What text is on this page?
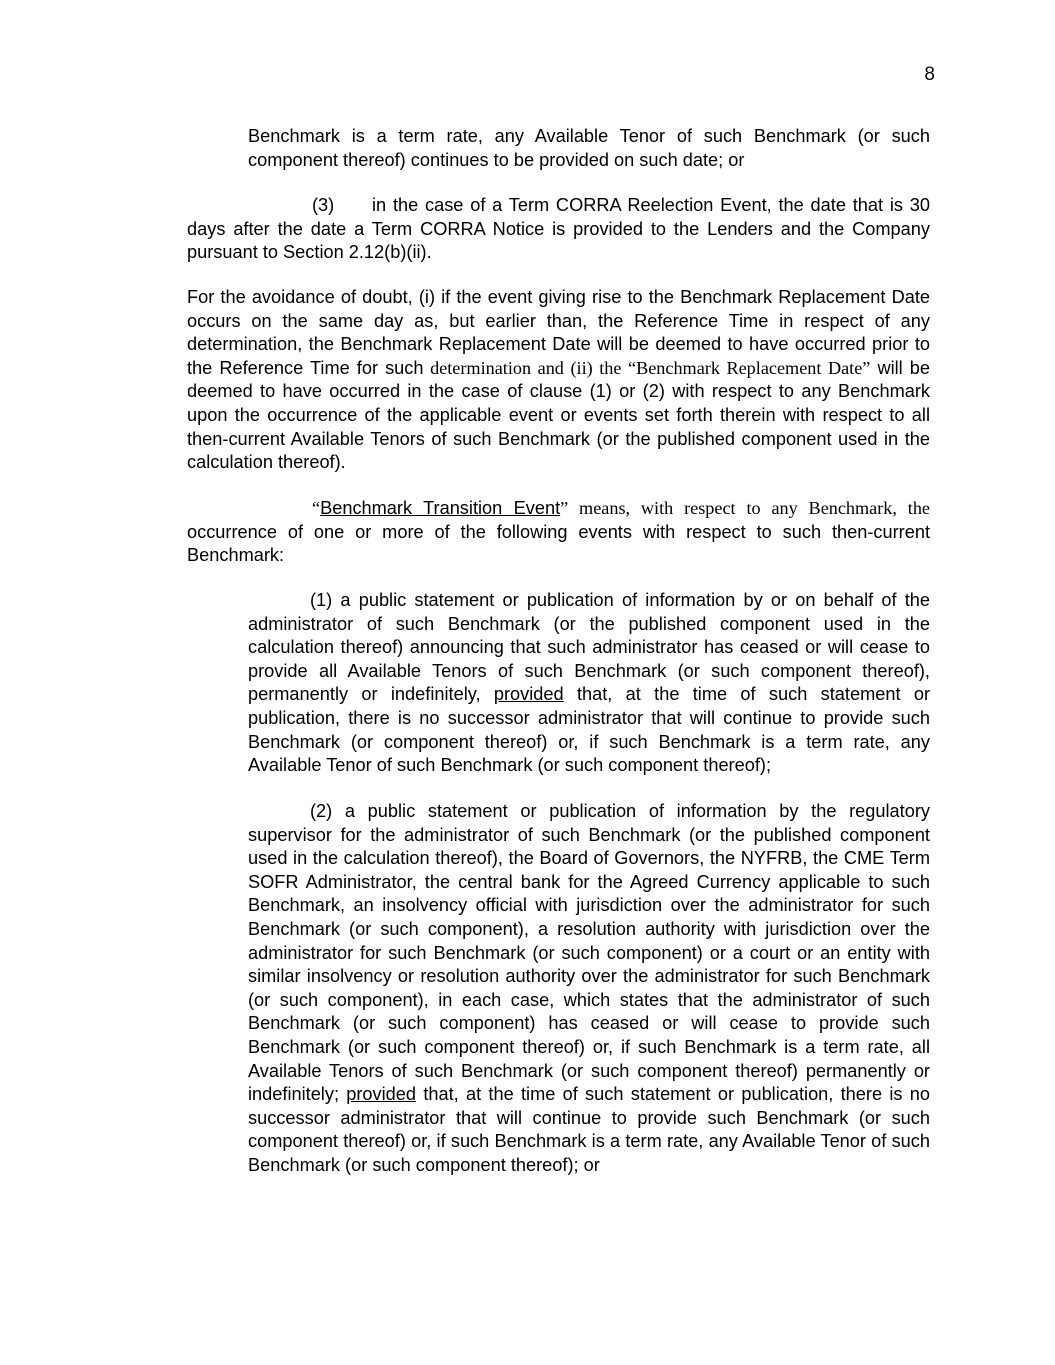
8

Benchmark is a term rate, any Available Tenor of such Benchmark (or such component thereof) continues to be provided on such date; or

(3) in the case of a Term CORRA Reelection Event, the date that is 30 days after the date a Term CORRA Notice is provided to the Lenders and the Company pursuant to Section 2.12(b)(ii).

For the avoidance of doubt, (i) if the event giving rise to the Benchmark Replacement Date occurs on the same day as, but earlier than, the Reference Time in respect of any determination, the Benchmark Replacement Date will be deemed to have occurred prior to the Reference Time for such determination and (ii) the “Benchmark Replacement Date” will be deemed to have occurred in the case of clause (1) or (2) with respect to any Benchmark upon the occurrence of the applicable event or events set forth therein with respect to all then-current Available Tenors of such Benchmark (or the published component used in the calculation thereof).

“Benchmark Transition Event” means, with respect to any Benchmark, the occurrence of one or more of the following events with respect to such then-current Benchmark:

(1) a public statement or publication of information by or on behalf of the administrator of such Benchmark (or the published component used in the calculation thereof) announcing that such administrator has ceased or will cease to provide all Available Tenors of such Benchmark (or such component thereof), permanently or indefinitely, provided that, at the time of such statement or publication, there is no successor administrator that will continue to provide such Benchmark (or component thereof) or, if such Benchmark is a term rate, any Available Tenor of such Benchmark (or such component thereof);

(2) a public statement or publication of information by the regulatory supervisor for the administrator of such Benchmark (or the published component used in the calculation thereof), the Board of Governors, the NYFRB, the CME Term SOFR Administrator, the central bank for the Agreed Currency applicable to such Benchmark, an insolvency official with jurisdiction over the administrator for such Benchmark (or such component), a resolution authority with jurisdiction over the administrator for such Benchmark (or such component) or a court or an entity with similar insolvency or resolution authority over the administrator for such Benchmark (or such component), in each case, which states that the administrator of such Benchmark (or such component) has ceased or will cease to provide such Benchmark (or such component thereof) or, if such Benchmark is a term rate, all Available Tenors of such Benchmark (or such component thereof) permanently or indefinitely; provided that, at the time of such statement or publication, there is no successor administrator that will continue to provide such Benchmark (or such component thereof) or, if such Benchmark is a term rate, any Available Tenor of such Benchmark (or such component thereof); or
